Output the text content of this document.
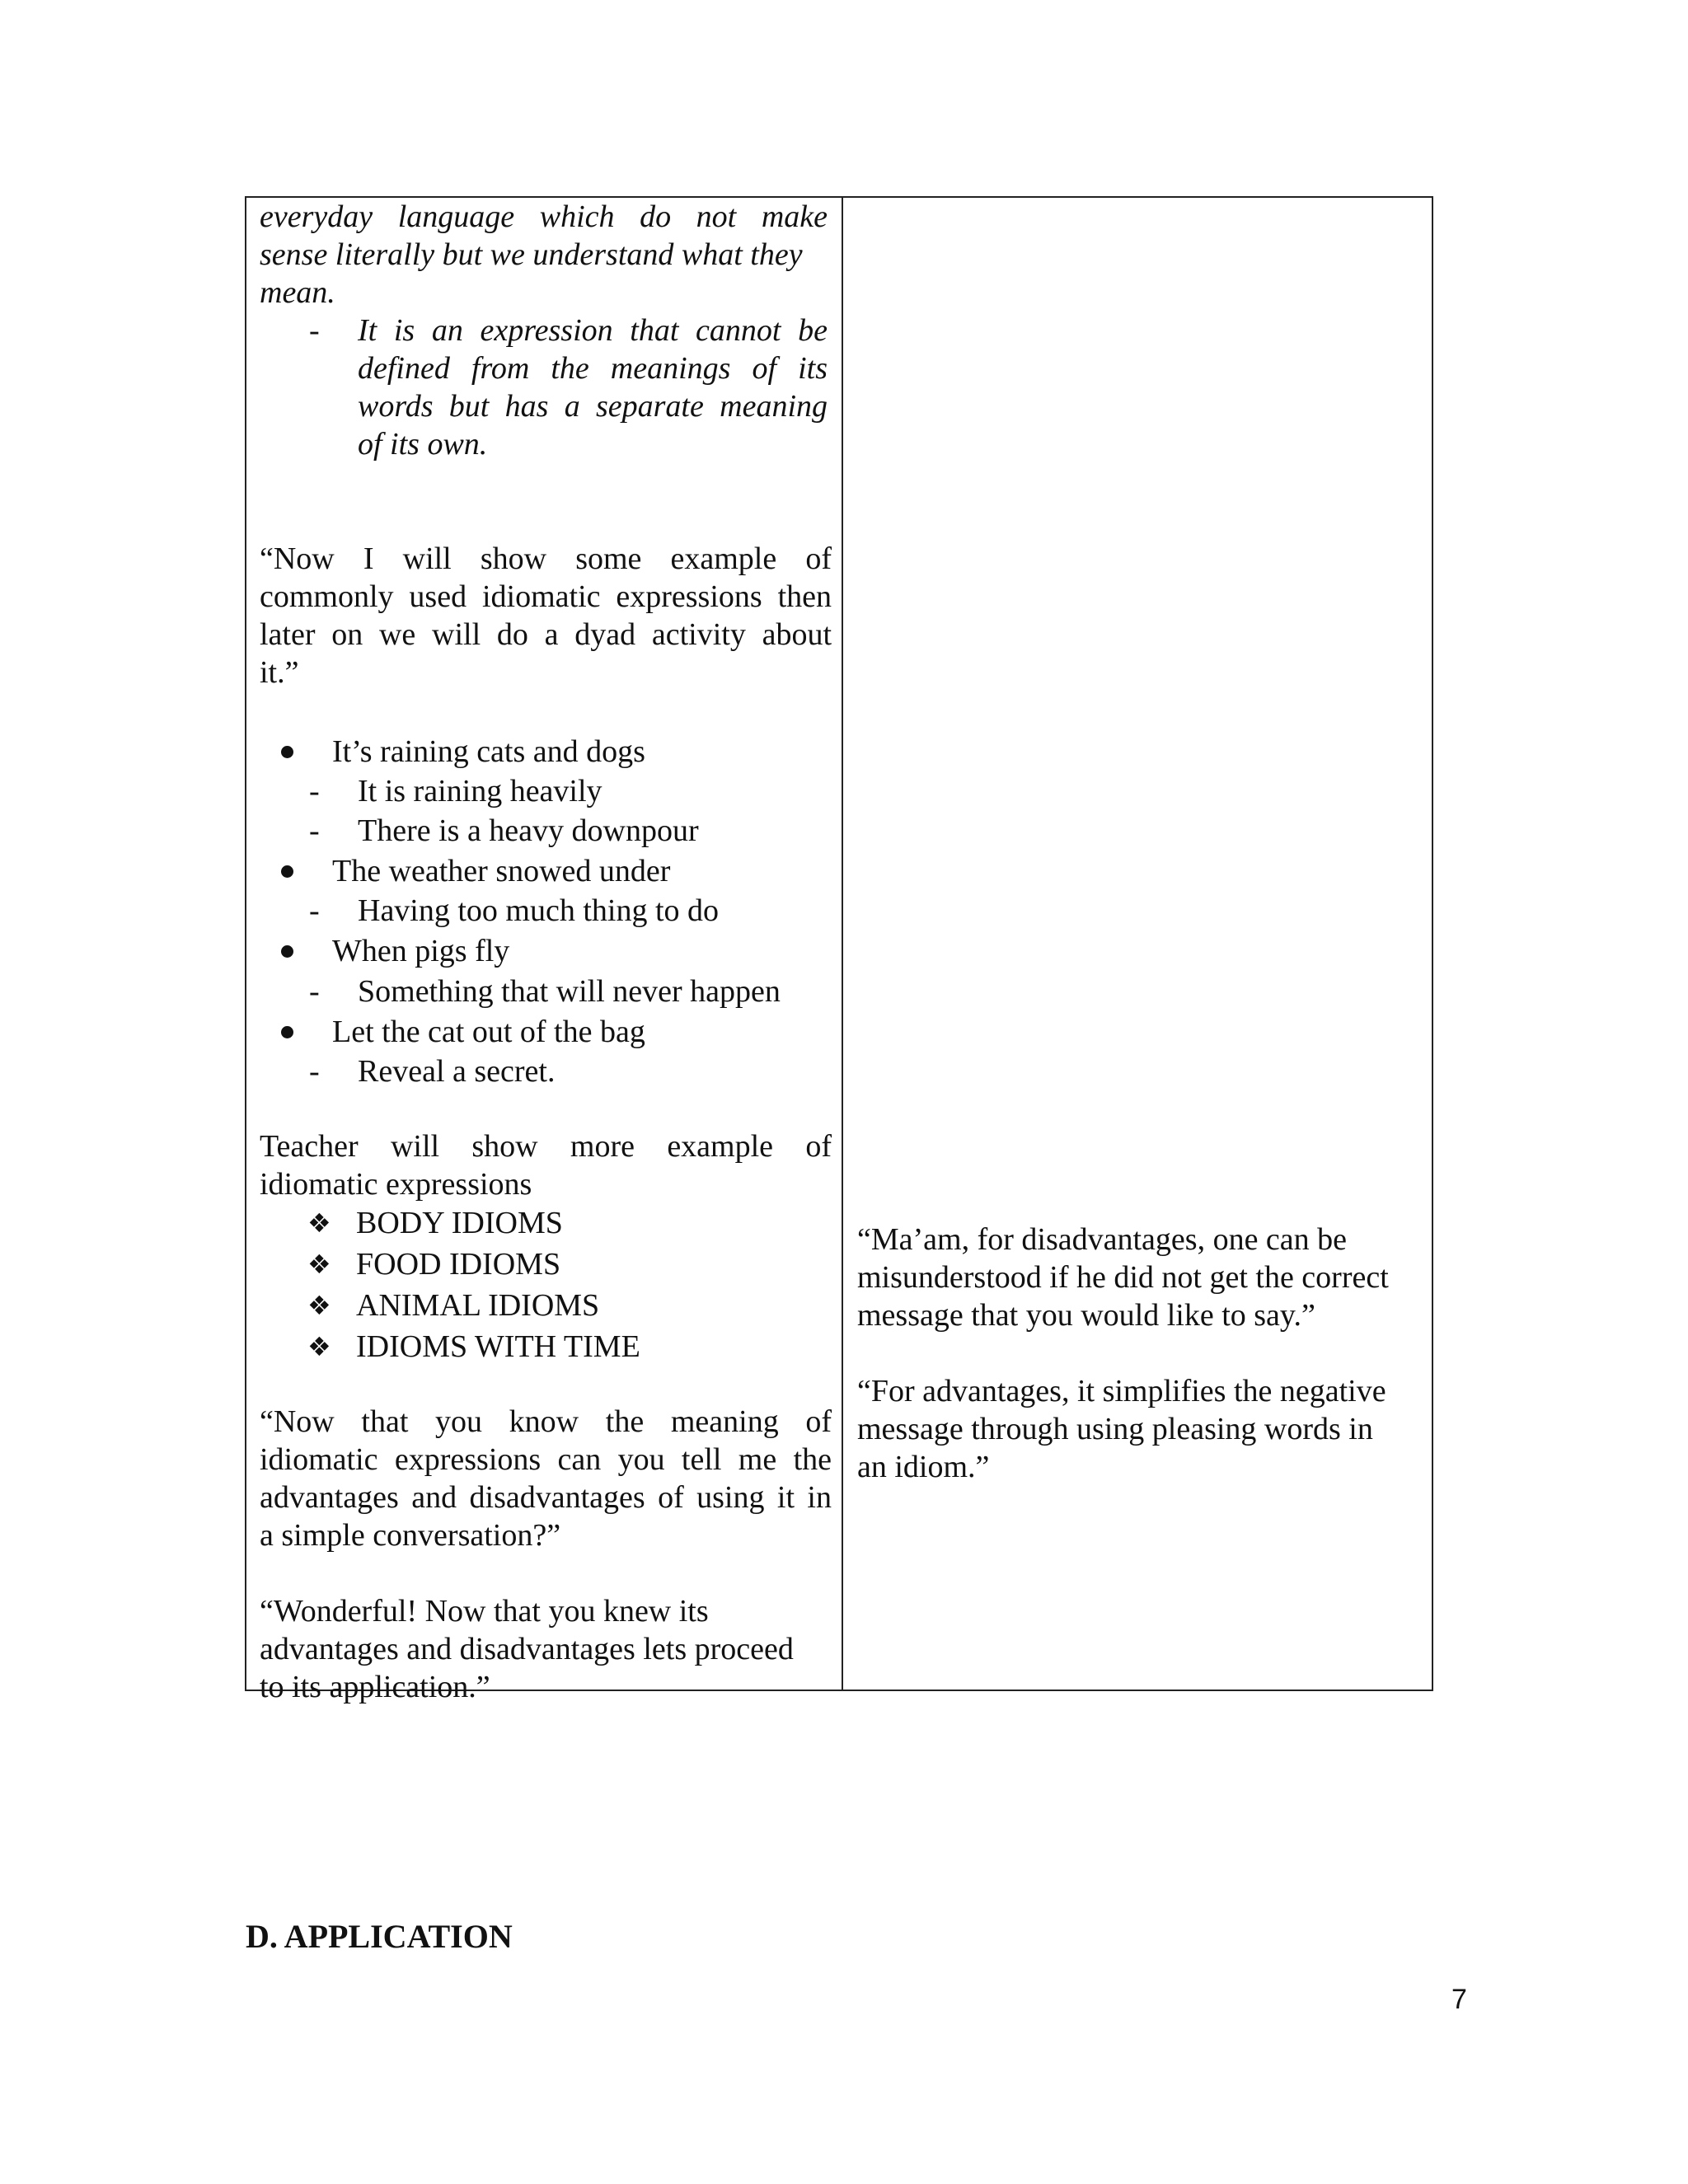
everyday language which do not make
sense literally but we understand what they
mean.
- It is an expression that cannot be
defined from the meanings of its
words but has a separate meaning
of its own.
“Now I will show some example of
commonly used idiomatic expressions then
later on we will do a dyad activity about
it.”
It’s raining cats and dogs
- It is raining heavily
- There is a heavy downpour
The weather snowed under
- Having too much thing to do
When pigs fly
- Something that will never happen
Let the cat out of the bag
- Reveal a secret.
Teacher will show more example of
idiomatic expressions
❖ BODY IDIOMS
❖ FOOD IDIOMS
❖ ANIMAL IDIOMS
❖ IDIOMS WITH TIME
“Now that you know the meaning of
idiomatic expressions can you tell me the
advantages and disadvantages of using it in
a simple conversation?”
“Wonderful! Now that you knew its
advantages and disadvantages lets proceed
to its application.”
“Ma’am, for disadvantages, one can be
misunderstood if he did not get the correct
message that you would like to say.”
“For advantages, it simplifies the negative
message through using pleasing words in
an idiom.”
D. APPLICATION
7
